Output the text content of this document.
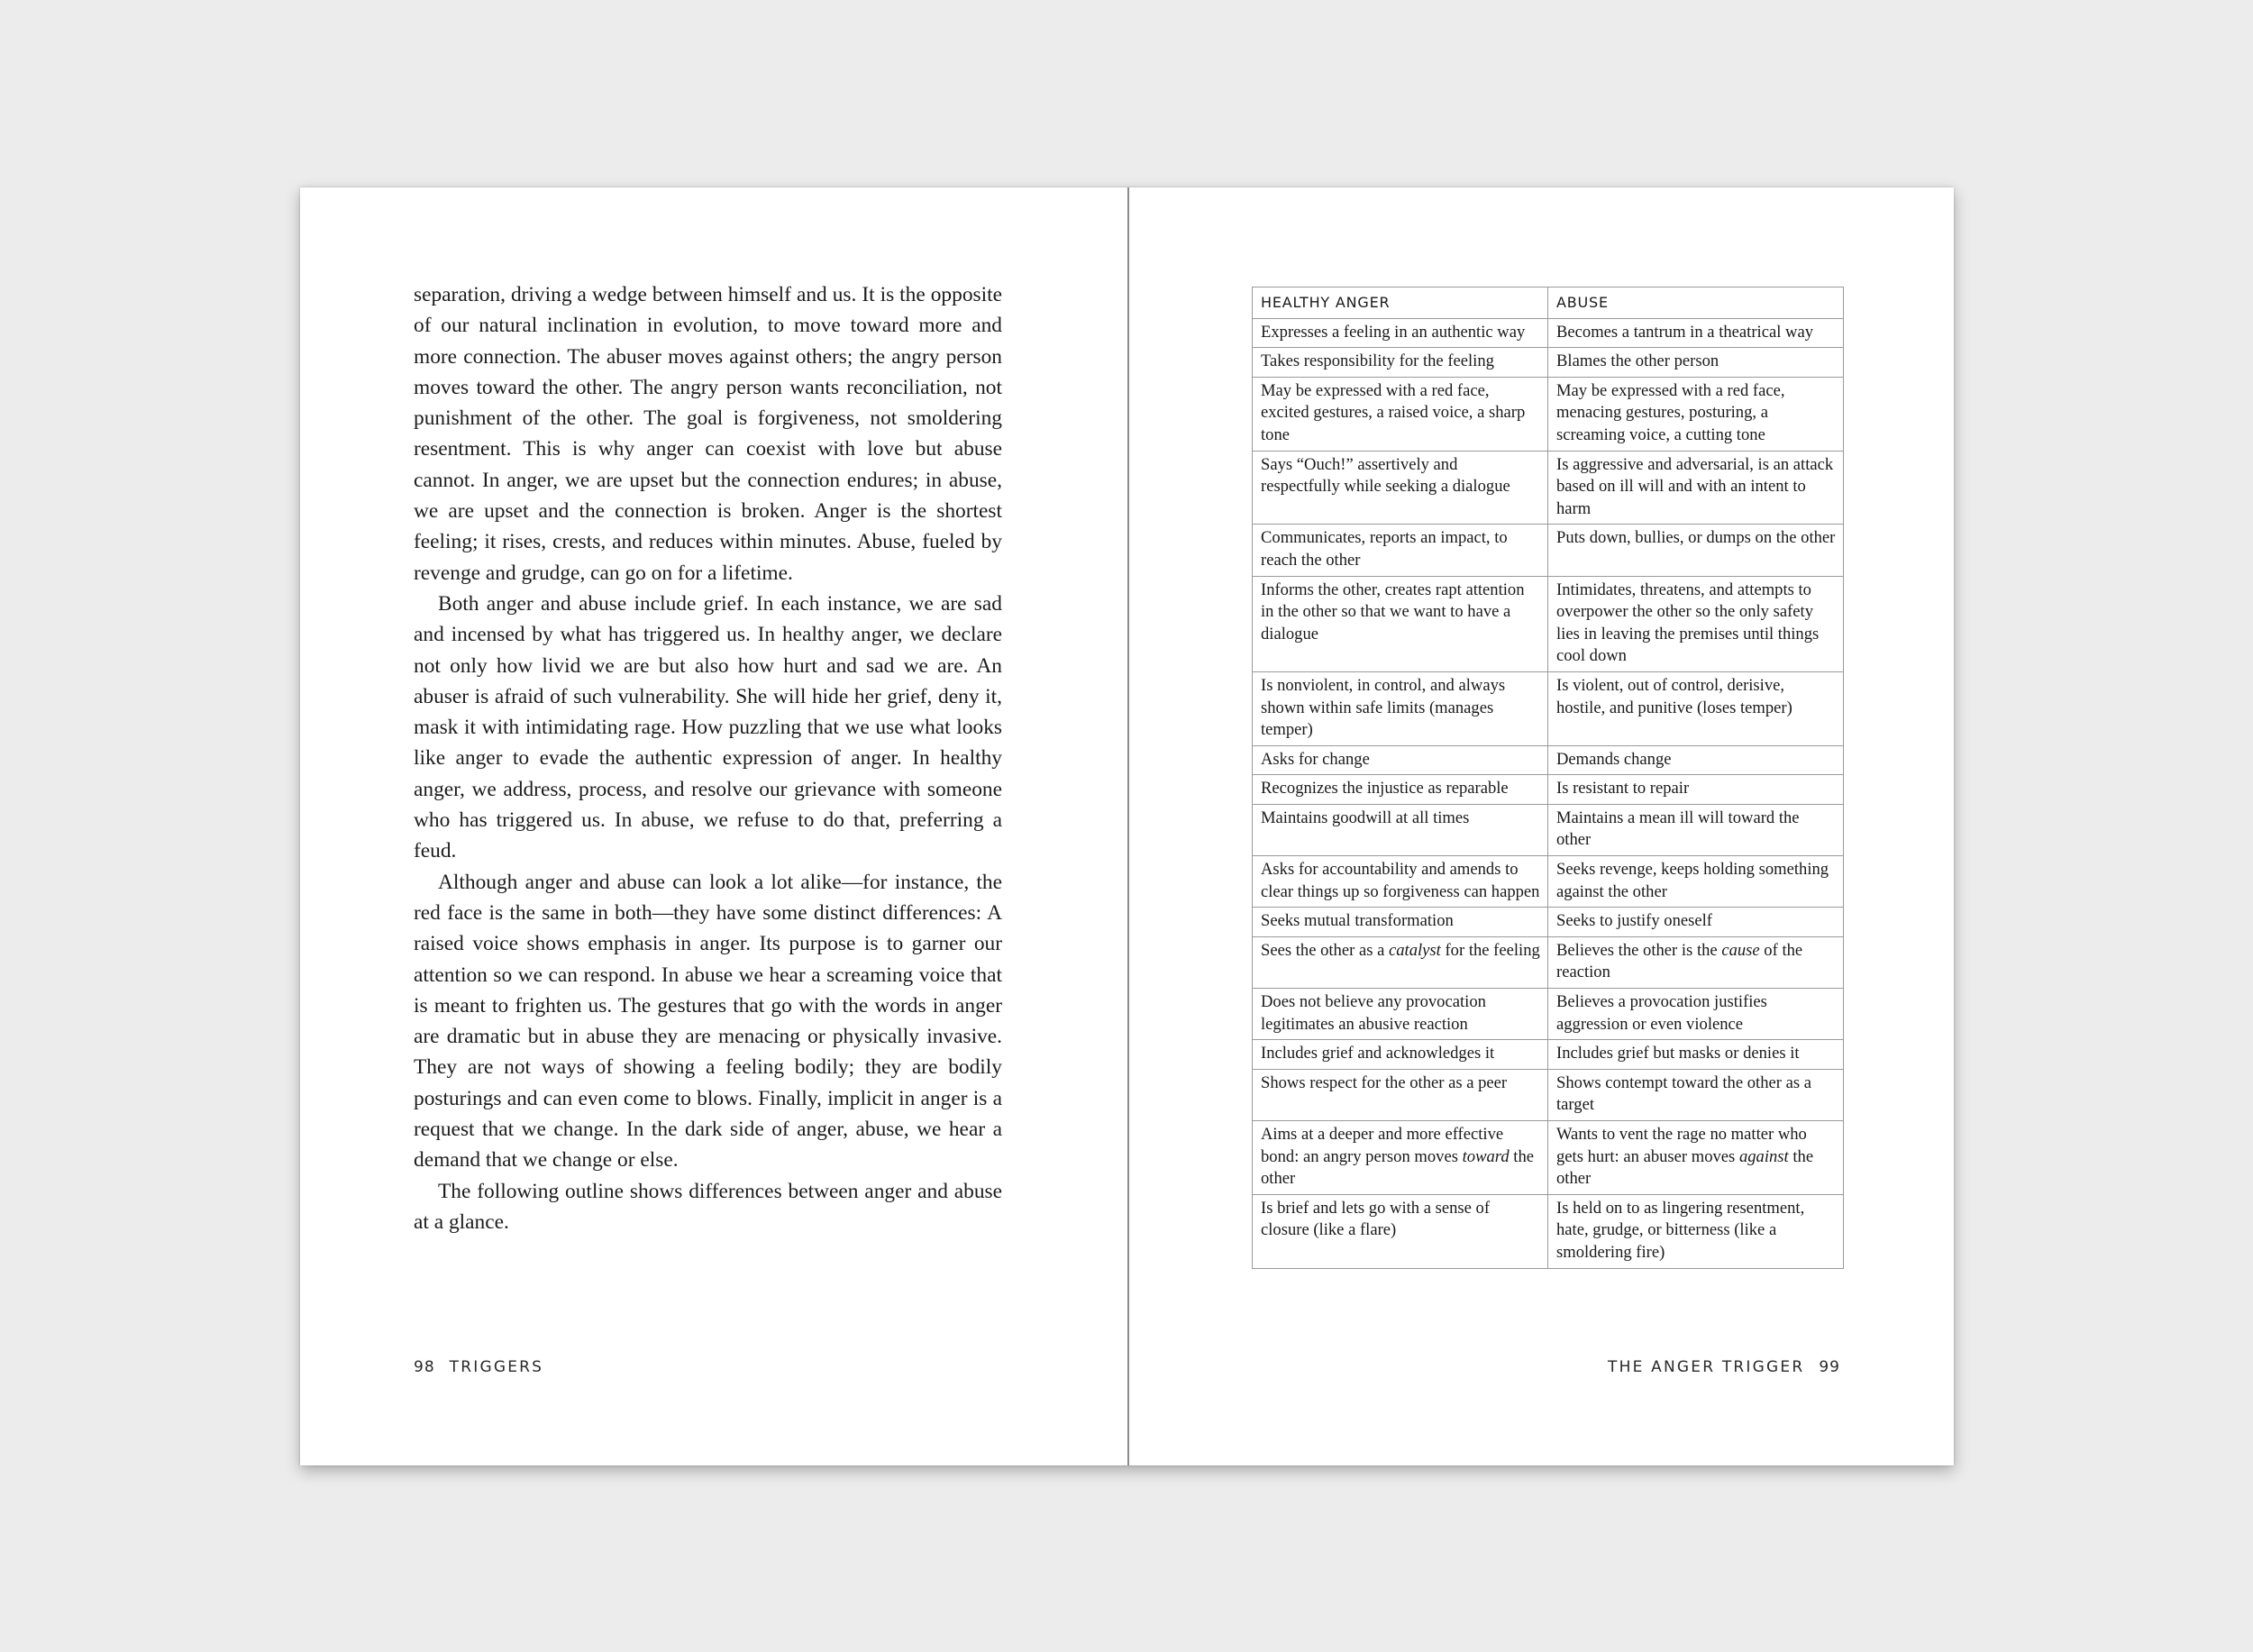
separation, driving a wedge between himself and us. It is the opposite of our natural inclination in evolution, to move toward more and more connection. The abuser moves against others; the angry person moves toward the other. The angry person wants reconciliation, not punishment of the other. The goal is forgiveness, not smoldering resentment. This is why anger can coexist with love but abuse cannot. In anger, we are upset but the connection endures; in abuse, we are upset and the connection is broken. Anger is the shortest feeling; it rises, crests, and reduces within minutes. Abuse, fueled by revenge and grudge, can go on for a lifetime.

Both anger and abuse include grief. In each instance, we are sad and incensed by what has triggered us. In healthy anger, we declare not only how livid we are but also how hurt and sad we are. An abuser is afraid of such vulnerability. She will hide her grief, deny it, mask it with intimidating rage. How puzzling that we use what looks like anger to evade the authentic expression of anger. In healthy anger, we address, process, and resolve our grievance with someone who has triggered us. In abuse, we refuse to do that, preferring a feud.

Although anger and abuse can look a lot alike—for instance, the red face is the same in both—they have some distinct differences: A raised voice shows emphasis in anger. Its purpose is to garner our attention so we can respond. In abuse we hear a screaming voice that is meant to frighten us. The gestures that go with the words in anger are dramatic but in abuse they are menacing or physically invasive. They are not ways of showing a feeling bodily; they are bodily posturings and can even come to blows. Finally, implicit in anger is a request that we change. In the dark side of anger, abuse, we hear a demand that we change or else.

The following outline shows differences between anger and abuse at a glance.

98 TRIGGERS
HEALTHY ANGER	ABUSE
Expresses a feeling in an authentic way	Becomes a tantrum in a theatrical way
Takes responsibility for the feeling	Blames the other person
May be expressed with a red face, excited gestures, a raised voice, a sharp tone	May be expressed with a red face, menacing gestures, posturing, a screaming voice, a cutting tone
Says “Ouch!” assertively and respectfully while seeking a dialogue	Is aggressive and adversarial, is an attack based on ill will and with an intent to harm
Communicates, reports an impact, to reach the other	Puts down, bullies, or dumps on the other
Informs the other, creates rapt attention in the other so that we want to have a dialogue	Intimidates, threatens, and attempts to overpower the other so the only safety lies in leaving the premises until things cool down
Is nonviolent, in control, and always shown within safe limits (manages temper)	Is violent, out of control, derisive, hostile, and punitive (loses temper)
Asks for change	Demands change
Recognizes the injustice as reparable	Is resistant to repair
Maintains goodwill at all times	Maintains a mean ill will toward the other
Asks for accountability and amends to clear things up so forgiveness can happen	Seeks revenge, keeps holding something against the other
Seeks mutual transformation	Seeks to justify oneself
Sees the other as a catalyst for the feeling	Believes the other is the cause of the reaction
Does not believe any provocation legitimates an abusive reaction	Believes a provocation justifies aggression or even violence
Includes grief and acknowledges it	Includes grief but masks or denies it
Shows respect for the other as a peer	Shows contempt toward the other as a target
Aims at a deeper and more effective bond: an angry person moves toward the other	Wants to vent the rage no matter who gets hurt: an abuser moves against the other
Is brief and lets go with a sense of closure (like a flare)	Is held on to as lingering resentment, hate, grudge, or bitterness (like a smoldering fire)
THE ANGER TRIGGER 99
